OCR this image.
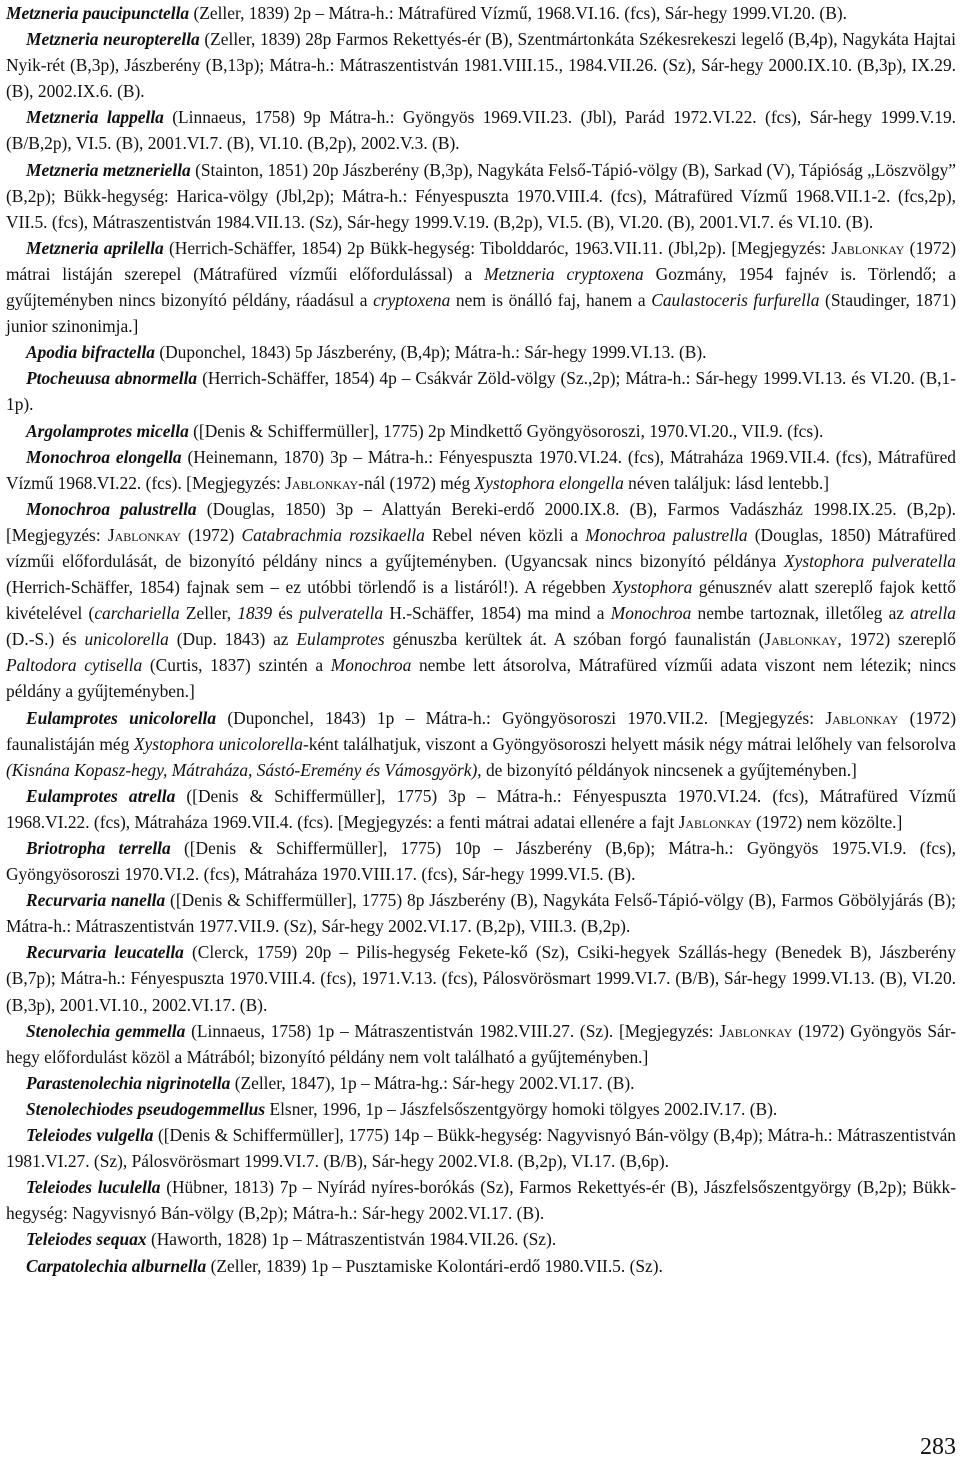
Metzneria paucipunctella (Zeller, 1839) 2p – Mátra-h.: Mátrafüred Vízmű, 1968.VI.16. (fcs), Sár-hegy 1999.VI.20. (B).

Metzneria neuropterella (Zeller, 1839) 28p Farmos Rekettyés-ér (B), Szentmártonkáta Székesrekeszi legelő (B,4p), Nagykáta Hajtai Nyik-rét (B,3p), Jászberény (B,13p); Mátra-h.: Mátraszentistván 1981.VIII.15., 1984.VII.26. (Sz), Sár-hegy 2000.IX.10. (B,3p), IX.29. (B), 2002.IX.6. (B).

Metzneria lappella (Linnaeus, 1758) 9p Mátra-h.: Gyöngyös 1969.VII.23. (Jbl), Parád 1972.VI.22. (fcs), Sár-hegy 1999.V.19. (B/B,2p), VI.5. (B), 2001.VI.7. (B), VI.10. (B,2p), 2002.V.3. (B).

Metzneria metzneriella (Stainton, 1851) 20p Jászberény (B,3p), Nagykáta Felső-Tápió-völgy (B), Sarkad (V), Tápióság „Löszvölgy” (B,2p); Bükk-hegység: Harica-völgy (Jbl,2p); Mátra-h.: Fényespuszta 1970.VIII.4. (fcs), Mátrafüred Vízmű 1968.VII.1-2. (fcs,2p), VII.5. (fcs), Mátraszentistván 1984.VII.13. (Sz), Sár-hegy 1999.V.19. (B,2p), VI.5. (B), VI.20. (B), 2001.VI.7. és VI.10. (B).

Metzneria aprilella (Herrich-Schäffer, 1854) 2p Bükk-hegység: Tibolddaróc, 1963.VII.11. (Jbl,2p). [Megjegyzés: Jablonkay (1972) mátrai listáján szerepel (Mátrafüred vízműi előfordulással) a Metzneria cryptoxena Gozmány, 1954 fajnév is. Törlendő; a gyűjteményben nincs bizonyító példány, ráadásul a cryptoxena nem is önálló faj, hanem a Caulastoceris furfurella (Staudinger, 1871) junior szinonimja.]

Apodia bifractella (Duponchel, 1843) 5p Jászberény, (B,4p); Mátra-h.: Sár-hegy 1999.VI.13. (B).

Ptocheuusa abnormella (Herrich-Schäffer, 1854) 4p – Csákvár Zöld-völgy (Sz.,2p); Mátra-h.: Sár-hegy 1999.VI.13. és VI.20. (B,1-1p).

Argolamprotes micella ([Denis & Schiffermüller], 1775) 2p Mindkettő Gyöngyösoroszi, 1970.VI.20., VII.9. (fcs).

Monochroa elongella (Heinemann, 1870) 3p – Mátra-h.: Fényespuszta 1970.VI.24. (fcs), Mátraháza 1969.VII.4. (fcs), Mátrafüred Vízmű 1968.VI.22. (fcs). [Megjegyzés: Jablonkay-nál (1972) még Xystophora elongella néven találjuk: lásd lentebb.]

Monochroa palustrella (Douglas, 1850) 3p – Alattyán Bereki-erdő 2000.IX.8. (B), Farmos Vadászház 1998.IX.25. (B,2p). [Megjegyzés: Jablonkay (1972) Catabrachmia rozsikaella Rebel néven közli a Monochroa palustrella (Douglas, 1850) Mátrafüred vízműi előfordulását, de bizonyító példány nincs a gyűjteményben. (Ugyancsak nincs bizonyító példánya Xystophora pulveratella (Herrich-Schäffer, 1854) fajnak sem – ez utóbbi törlendő is a listáról!). A régebben Xystophora génusznév alatt szereplő fajok kettő kivételével (carchariella Zeller, 1839 és pulveratella H.-Schäffer, 1854) ma mind a Monochroa nembe tartoznak, illetőleg az atrella (D.-S.) és unicolorella (Dup. 1843) az Eulamprotes génuszba kerültek át. A szóban forgó faunalistán (Jablonkay, 1972) szereplő Paltodora cytisella (Curtis, 1837) szintén a Monochroa nembe lett átsorolva, Mátrafüred vízműi adata viszont nem létezik; nincs példány a gyűjteményben.]

Eulamprotes unicolorella (Duponchel, 1843) 1p – Mátra-h.: Gyöngyösoroszi 1970.VII.2. [Megjegyzés: Jablonkay (1972) faunalistáján még Xystophora unicolorella-ként találhatjuk, viszont a Gyöngyösoroszi helyett másik négy mátrai lelőhely van felsorolva (Kisnána Kopasz-hegy, Mátraháza, Sástó-Eremény és Vámosgyörk), de bizonyító példányok nincsenek a gyűjteményben.]

Eulamprotes atrella ([Denis & Schiffermüller], 1775) 3p – Mátra-h.: Fényespuszta 1970.VI.24. (fcs), Mátrafüred Vízmű 1968.VI.22. (fcs), Mátraháza 1969.VII.4. (fcs). [Megjegyzés: a fenti mátrai adatai ellenére a fajt Jablonkay (1972) nem közölte.]

Briotropha terrella ([Denis & Schiffermüller], 1775) 10p – Jászberény (B,6p); Mátra-h.: Gyöngyös 1975.VI.9. (fcs), Gyöngyösoroszi 1970.VI.2. (fcs), Mátraháza 1970.VIII.17. (fcs), Sár-hegy 1999.VI.5. (B).

Recurvaria nanella ([Denis & Schiffermüller], 1775) 8p Jászberény (B), Nagykáta Felső-Tápió-völgy (B), Farmos Göbölyjárás (B); Mátra-h.: Mátraszentistván 1977.VII.9. (Sz), Sár-hegy 2002.VI.17. (B,2p), VIII.3. (B,2p).

Recurvaria leucatella (Clerck, 1759) 20p – Pilis-hegység Fekete-kő (Sz), Csiki-hegyek Szállás-hegy (Benedek B), Jászberény (B,7p); Mátra-h.: Fényespuszta 1970.VIII.4. (fcs), 1971.V.13. (fcs), Pálosvörösmart 1999.VI.7. (B/B), Sár-hegy 1999.VI.13. (B), VI.20. (B,3p), 2001.VI.10., 2002.VI.17. (B).

Stenolechia gemmella (Linnaeus, 1758) 1p – Mátraszentistván 1982.VIII.27. (Sz). [Megjegyzés: Jablonkay (1972) Gyöngyös Sár-hegy előfordulást közöl a Mátrából; bizonyító példány nem volt található a gyűjteményben.]

Parastenolechia nigrinotella (Zeller, 1847), 1p – Mátra-hg.: Sár-hegy 2002.VI.17. (B).

Stenolechiodes pseudogemmellus Elsner, 1996, 1p – Jászfelsőszentgyörgy homoki tölgyes 2002.IV.17. (B).

Teleiodes vulgella ([Denis & Schiffermüller], 1775) 14p – Bükk-hegység: Nagyvisnyó Bán-völgy (B,4p); Mátra-h.: Mátraszentistván 1981.VI.27. (Sz), Pálosvörösmart 1999.VI.7. (B/B), Sár-hegy 2002.VI.8. (B,2p), VI.17. (B,6p).

Teleiodes luculella (Hübner, 1813) 7p – Nyírád nyíres-borókás (Sz), Farmos Rekettyés-ér (B), Jászfelsőszentgyörgy (B,2p); Bükk-hegység: Nagyvisnyó Bán-völgy (B,2p); Mátra-h.: Sár-hegy 2002.VI.17. (B).

Teleiodes sequax (Haworth, 1828) 1p – Mátraszentistván 1984.VII.26. (Sz).

Carpatolechia alburnella (Zeller, 1839) 1p – Pusztamiske Kolontári-erdő 1980.VII.5. (Sz).

283
